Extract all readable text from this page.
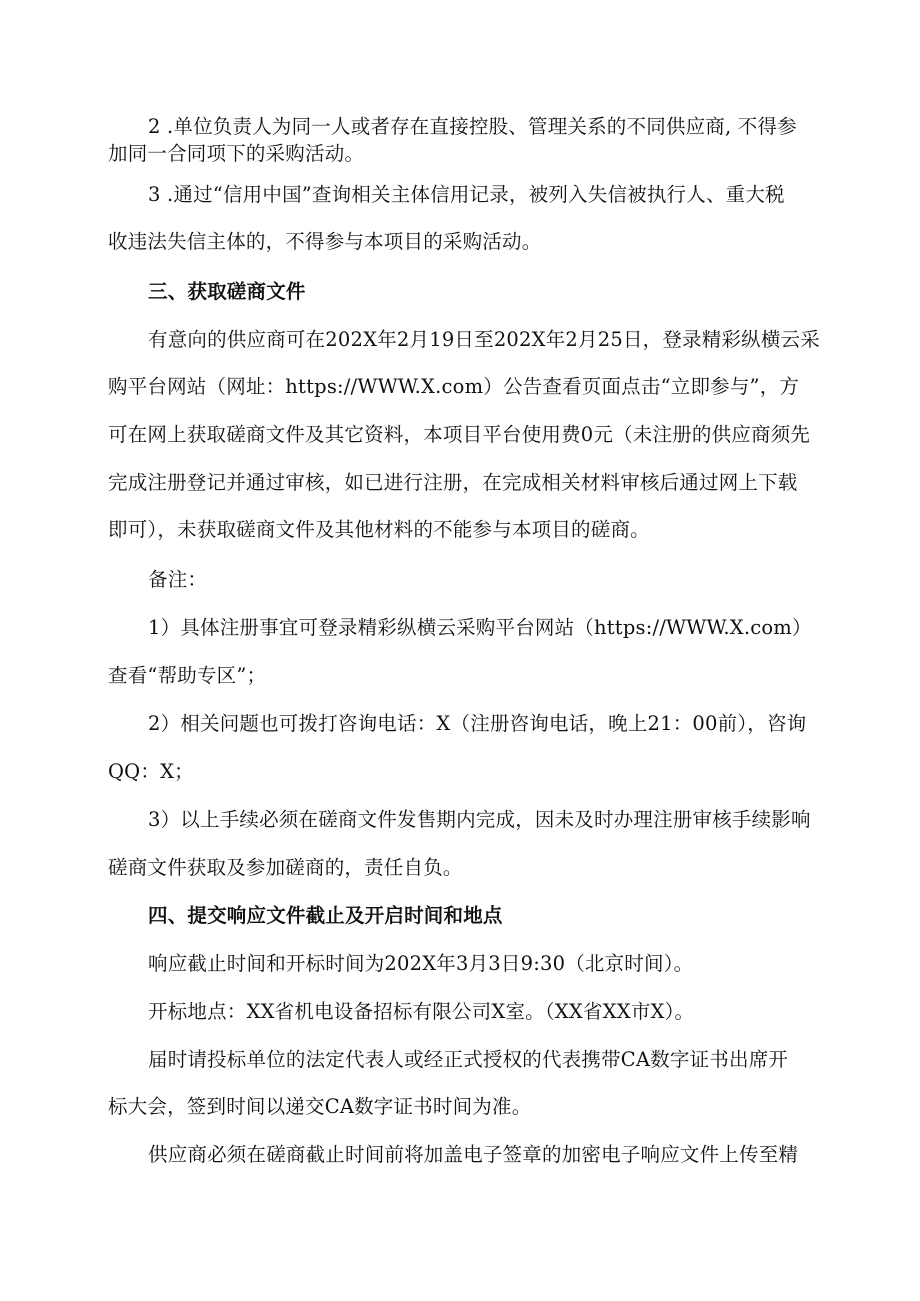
2 .单位负责人为同一人或者存在直接控股、管理关系的不同供应商, 不得参
加同一合同项下的采购活动。
3 .通过“信用中国”查询相关主体信用记录，被列入失信被执行人、重大税
收违法失信主体的，不得参与本项目的采购活动。
三、获取磋商文件
有意向的供应商可在202X年2月19日至202X年2月25日，登录精彩纵横云采
购平台网站（网址：https://WWW.X.com）公告查看页面点击“立即参与”，方
可在网上获取磋商文件及其它资料，本项目平台使用费0元（未注册的供应商须先
完成注册登记并通过审核，如已进行注册，在完成相关材料审核后通过网上下载
即可），未获取磋商文件及其他材料的不能参与本项目的磋商。
备注：
1）具体注册事宜可登录精彩纵横云采购平台网站（https://WWW.X.com）
查看“帮助专区”；
2）相关问题也可拨打咨询电话：X（注册咨询电话，晚上21：00前），咨询
QQ：X；
3）以上手续必须在磋商文件发售期内完成，因未及时办理注册审核手续影响
磋商文件获取及参加磋商的，责任自负。
四、提交响应文件截止及开启时间和地点
响应截止时间和开标时间为202X年3月3日9:30（北京时间）。
开标地点：XX省机电设备招标有限公司X室。（XX省XX市X）。
届时请投标单位的法定代表人或经正式授权的代表携带CA数字证书出席开
标大会，签到时间以递交CA数字证书时间为准。
供应商必须在磋商截止时间前将加盖电子签章的加密电子响应文件上传至精
